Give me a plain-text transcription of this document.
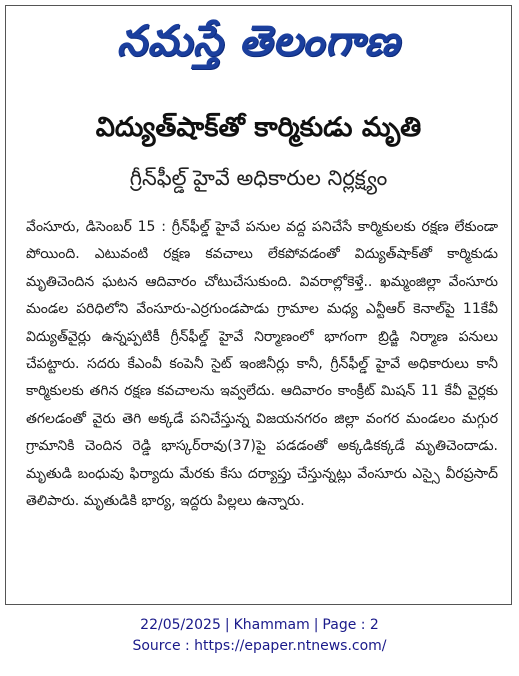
నమస్తే తెలంగాణ
విద్యుత్‌షాక్‌తో కార్మికుడు మృతి
గ్రీన్‌ఫీల్డ్ హైవే అధికారుల నిర్లక్ష్యం
వేంసూరు, డిసెంబర్ 15 : గ్రీన్‌ఫీల్డ్ హైవే పనుల వద్ద పనిచేసే కార్మికులకు రక్షణ లేకుండా పోయింది. ఎటువంటి రక్షణ కవచాలు లేకపోవడంతో విద్యుత్‌షాక్‌తో కార్మికుడు మృతిచెందిన ఘటన ఆదివారం చోటుచేసుకుంది. వివరాల్లోకెళ్తే.. ఖమ్మంజిల్లా వేంసూరు మండల పరిధిలోని వేంసూరు-ఎర్రగుండపాడు గ్రామాల మధ్య ఎన్టీఆర్ కెనాల్‌పై 11కేవీ విద్యుత్‌వైర్లు ఉన్నప్పటికీ గ్రీన్‌ఫీల్డ్ హైవే నిర్మాణంలో భాగంగా బ్రిడ్జి నిర్మాణ పనులు చేపట్టారు. సదరు కేఎంవీ కంపెనీ సైట్ ఇంజినీర్లు కానీ, గ్రీన్‌ఫీల్డ్ హైవే అధికారులు కానీ కార్మికులకు తగిన రక్షణ కవచాలను ఇవ్వలేదు. ఆదివారం కాంక్రీట్ మిషన్ 11 కేవీ వైర్లకు తగలడంతో వైరు తెగి అక్కడే పనిచేస్తున్న విజయనగరం జిల్లా వంగర మండలం మగ్గుర గ్రామానికి చెందిన రెడ్డి భాస్కర్‌రావు(37)పై పడడంతో అక్కడికక్కడే మృతిచెందాడు. మృతుడి బంధువు ఫిర్యాదు మేరకు కేసు దర్యాప్తు చేస్తున్నట్లు వేంసూరు ఎస్సై వీరప్రసాద్ తెలిపారు. మృతుడికి భార్య, ఇద్దరు పిల్లలు ఉన్నారు.
22/05/2025 | Khammam | Page : 2
Source : https://epaper.ntnews.com/
